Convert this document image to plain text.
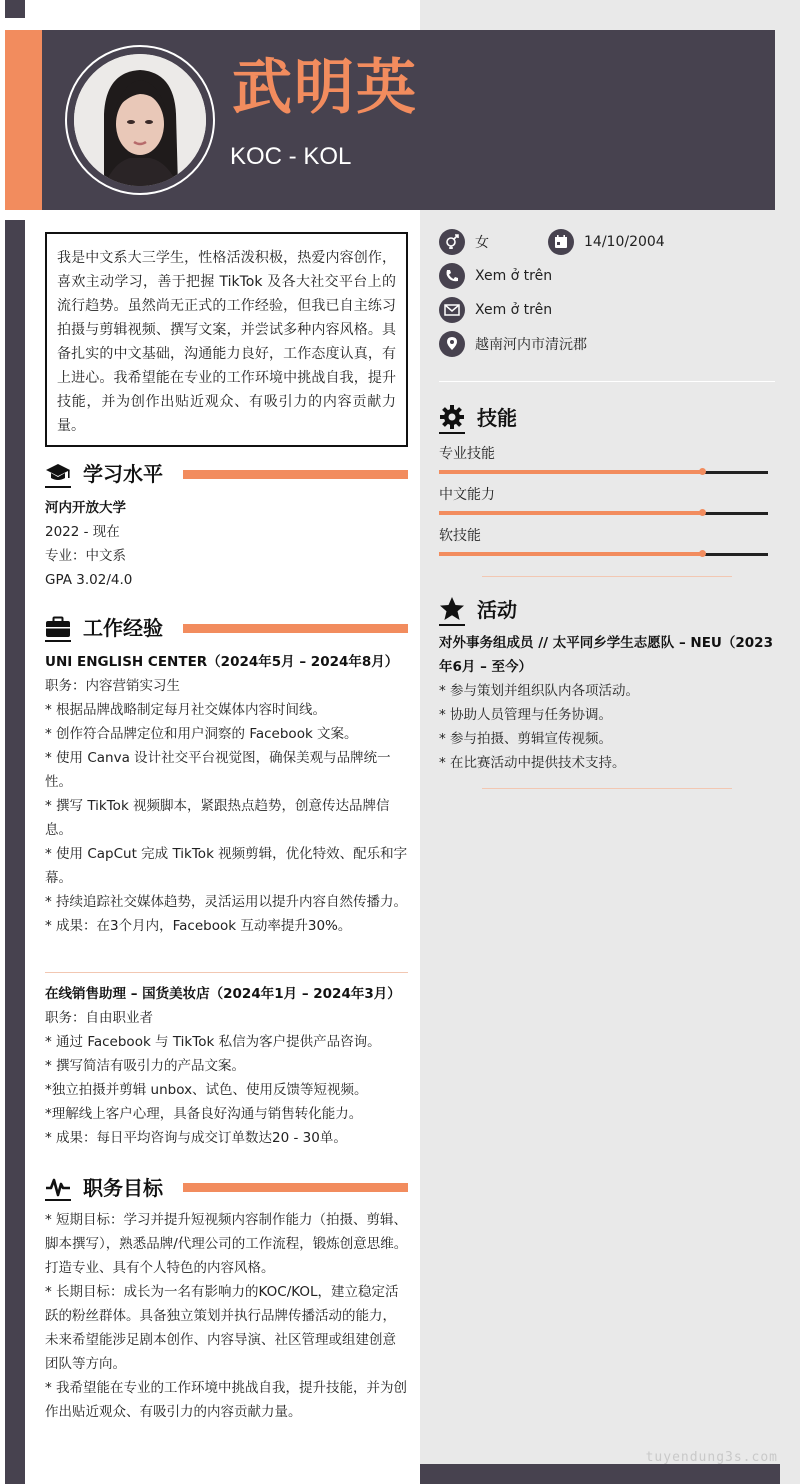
tuyendung3s.com
武明英
KOC - KOL
我是中文系大三学生，性格活泼积极，热爱内容创作，喜欢主动学习，善于把握 TikTok 及各大社交平台上的流行趋势。虽然尚无正式的工作经验，但我已自主练习拍摄与剪辑视频、撰写文案，并尝试多种内容风格。具备扎实的中文基础，沟通能力良好，工作态度认真，有上进心。我希望能在专业的工作环境中挑战自我，提升技能，并为创作出贴近观众、有吸引力的内容贡献力量。
学习水平
河内开放大学
2022 - 现在
专业：中文系
GPA 3.02/4.0
工作经验
UNI ENGLISH CENTER（2024年5月 – 2024年8月）
职务：内容营销实习生
* 根据品牌战略制定每月社交媒体内容时间线。
* 创作符合品牌定位和用户洞察的 Facebook 文案。
* 使用 Canva 设计社交平台视觉图，确保美观与品牌统一性。
* 撰写 TikTok 视频脚本，紧跟热点趋势，创意传达品牌信息。
* 使用 CapCut 完成 TikTok 视频剪辑，优化特效、配乐和字幕。
* 持续追踪社交媒体趋势，灵活运用以提升内容自然传播力。
* 成果：在3个月内，Facebook 互动率提升30%。
在线销售助理 – 国货美妆店（2024年1月 – 2024年3月）
职务：自由职业者
* 通过 Facebook 与 TikTok 私信为客户提供产品咨询。
* 撰写简洁有吸引力的产品文案。
*独立拍摄并剪辑 unbox、试色、使用反馈等短视频。
*理解线上客户心理，具备良好沟通与销售转化能力。
* 成果：每日平均咨询与成交订单数达20 - 30单。
职务目标
* 短期目标：学习并提升短视频内容制作能力（拍摄、剪辑、脚本撰写），熟悉品牌/代理公司的工作流程，锻炼创意思维。打造专业、具有个人特色的内容风格。
* 长期目标：成长为一名有影响力的KOC/KOL，建立稳定活跃的粉丝群体。具备独立策划并执行品牌传播活动的能力，未来希望能涉足剧本创作、内容导演、社区管理或组建创意团队等方向。
* 我希望能在专业的工作环境中挑战自我，提升技能，并为创作出贴近观众、有吸引力的内容贡献力量。
女	14/10/2004
Xem ở trên
Xem ở trên
越南河内市清沅郡
技能
专业技能
中文能力
软技能
活动
对外事务组成员 // 太平同乡学生志愿队 – NEU（2023年6月 – 至今）
* 参与策划并组织队内各项活动。
* 协助人员管理与任务协调。
* 参与拍摄、剪辑宣传视频。
* 在比赛活动中提供技术支持。
